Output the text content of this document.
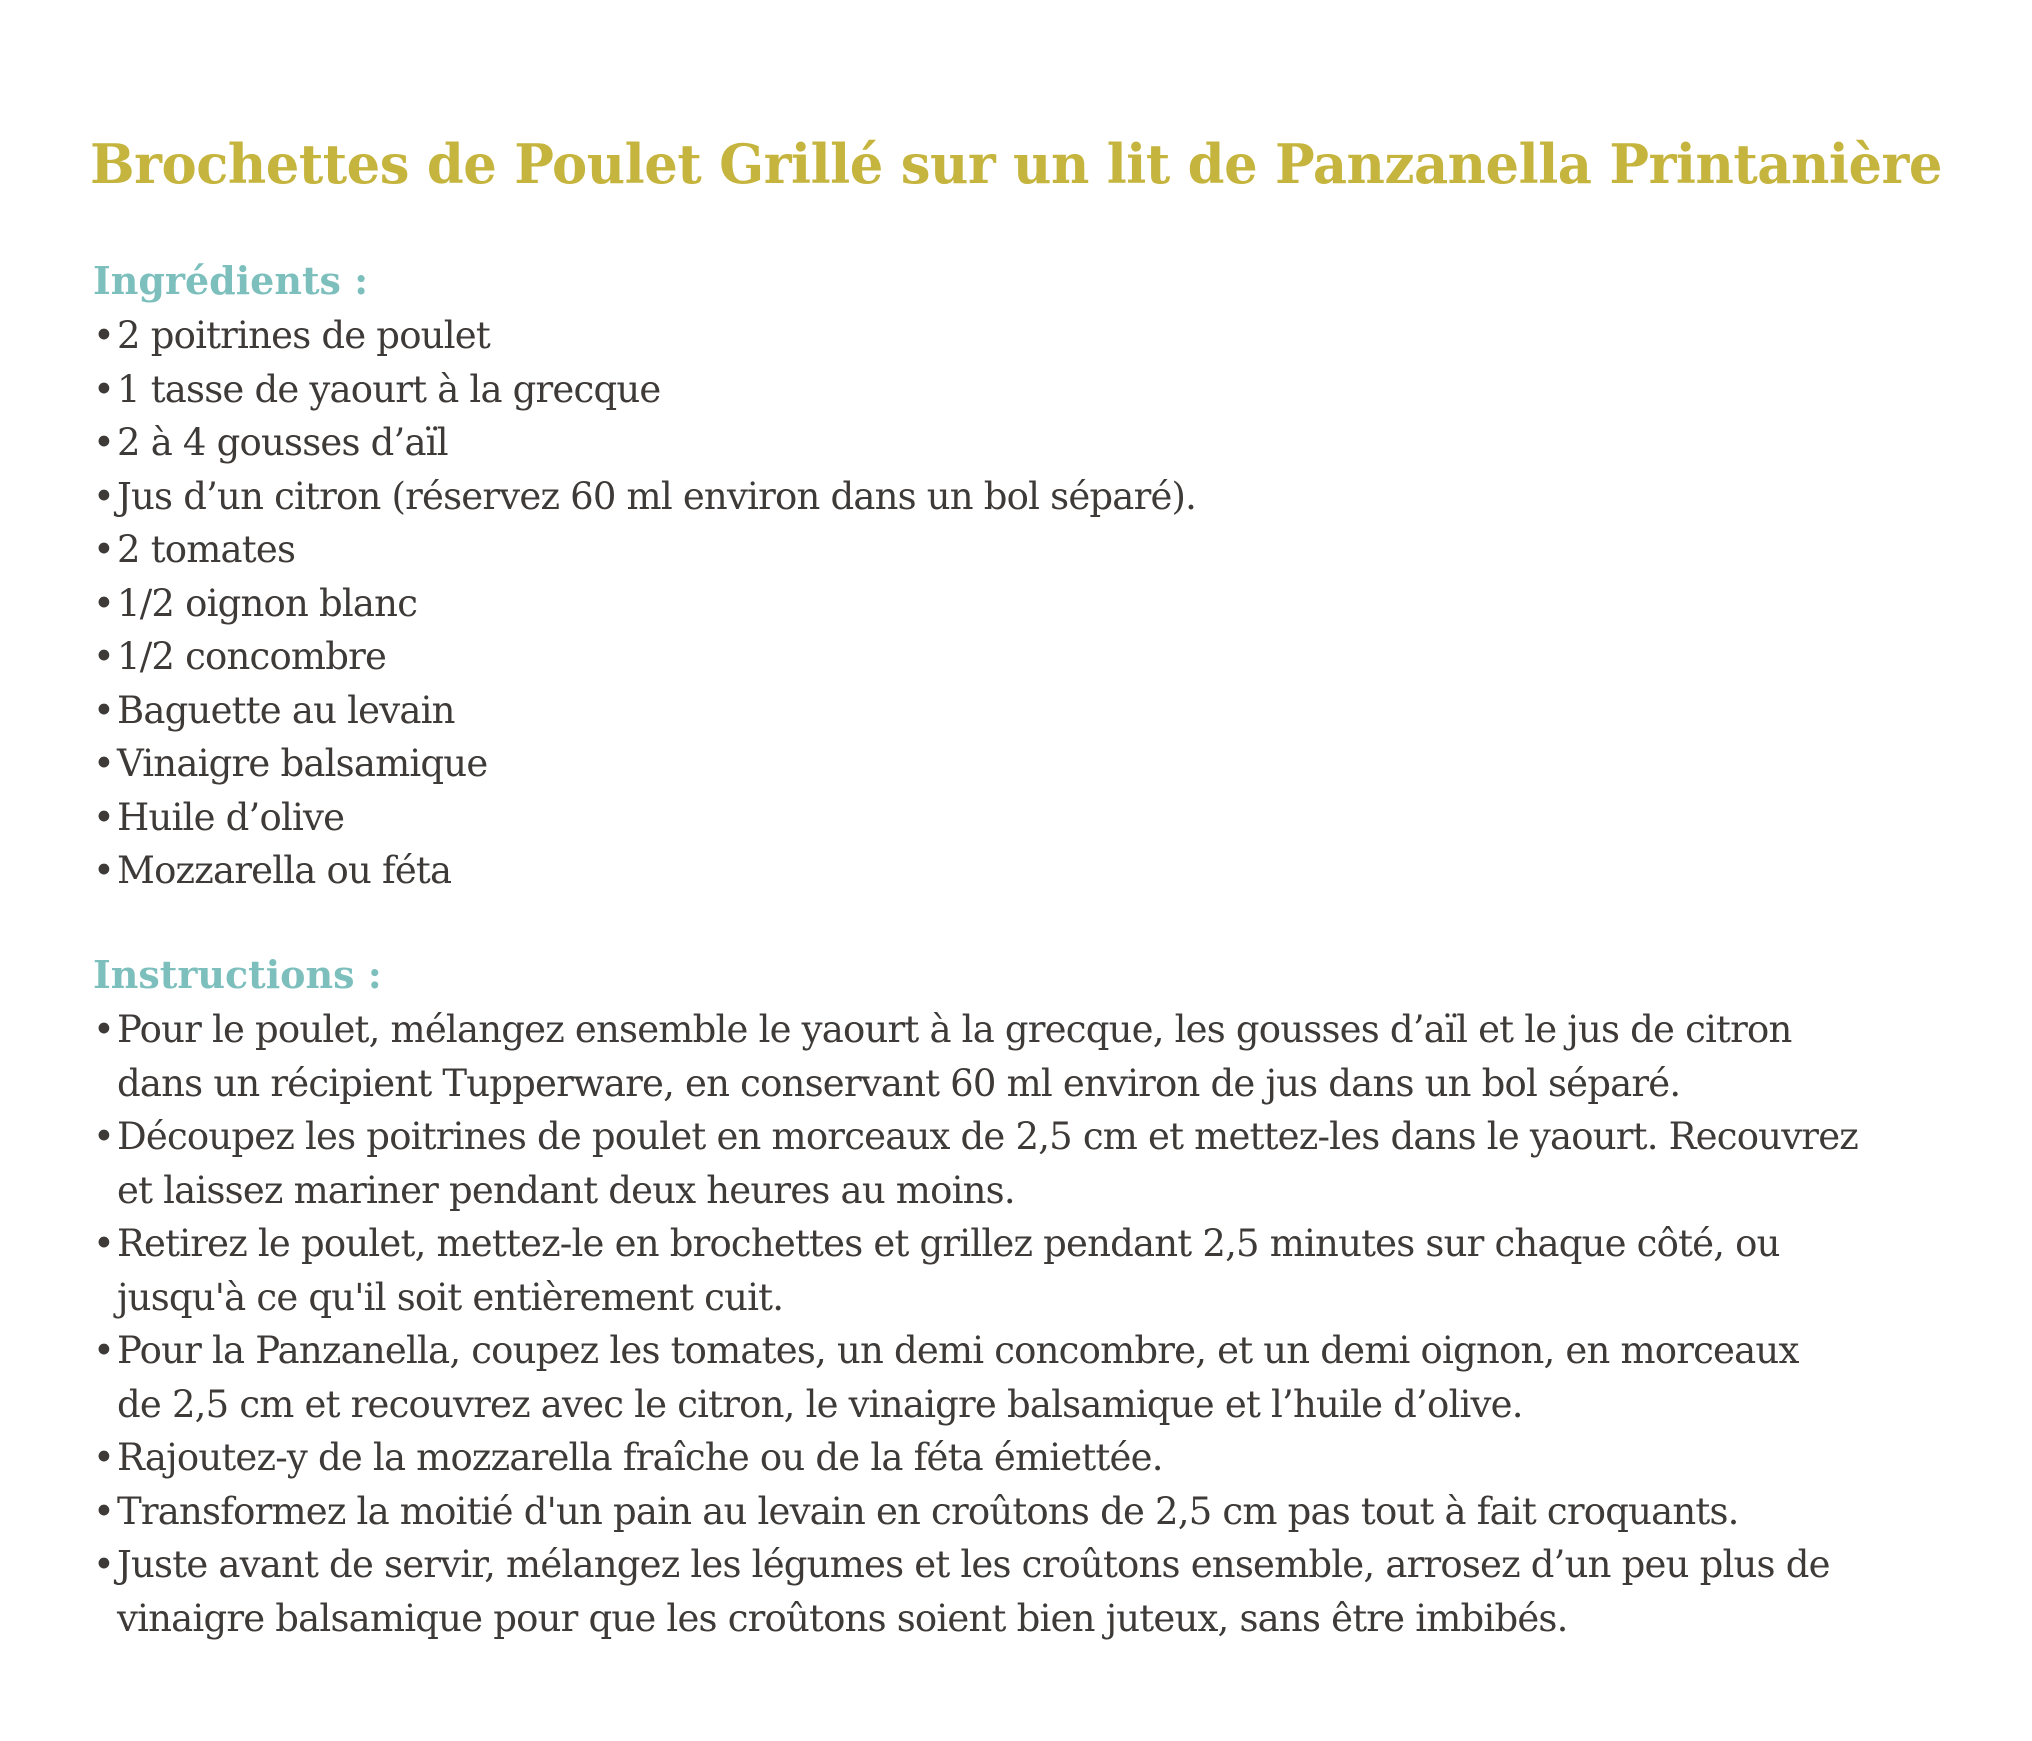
Brochettes de Poulet Grillé sur un lit de Panzanella Printanière
Ingrédients :
• 2 poitrines de poulet
• 1 tasse de yaourt à la grecque
• 2 à 4 gousses d’aïl
• Jus d’un citron (réservez 60 ml environ dans un bol séparé).
• 2 tomates
• 1/2 oignon blanc
• 1/2 concombre
• Baguette au levain
• Vinaigre balsamique
• Huile d’olive
• Mozzarella ou féta
Instructions :
• Pour le poulet, mélangez ensemble le yaourt à la grecque, les gousses d’aïl et le jus de citron
dans un récipient Tupperware, en conservant 60 ml environ de jus dans un bol séparé.
• Découpez les poitrines de poulet en morceaux de 2,5 cm et mettez-les dans le yaourt. Recouvrez
et laissez mariner pendant deux heures au moins.
• Retirez le poulet, mettez-le en brochettes et grillez pendant 2,5 minutes sur chaque côté, ou
jusqu'à ce qu'il soit entièrement cuit.
• Pour la Panzanella, coupez les tomates, un demi concombre, et un demi oignon, en morceaux
de 2,5 cm et recouvrez avec le citron, le vinaigre balsamique et l’huile d’olive.
• Rajoutez-y de la mozzarella fraîche ou de la féta émiettée.
• Transformez la moitié d'un pain au levain en croûtons de 2,5 cm pas tout à fait croquants.
• Juste avant de servir, mélangez les légumes et les croûtons ensemble, arrosez d’un peu plus de
vinaigre balsamique pour que les croûtons soient bien juteux, sans être imbibés.
